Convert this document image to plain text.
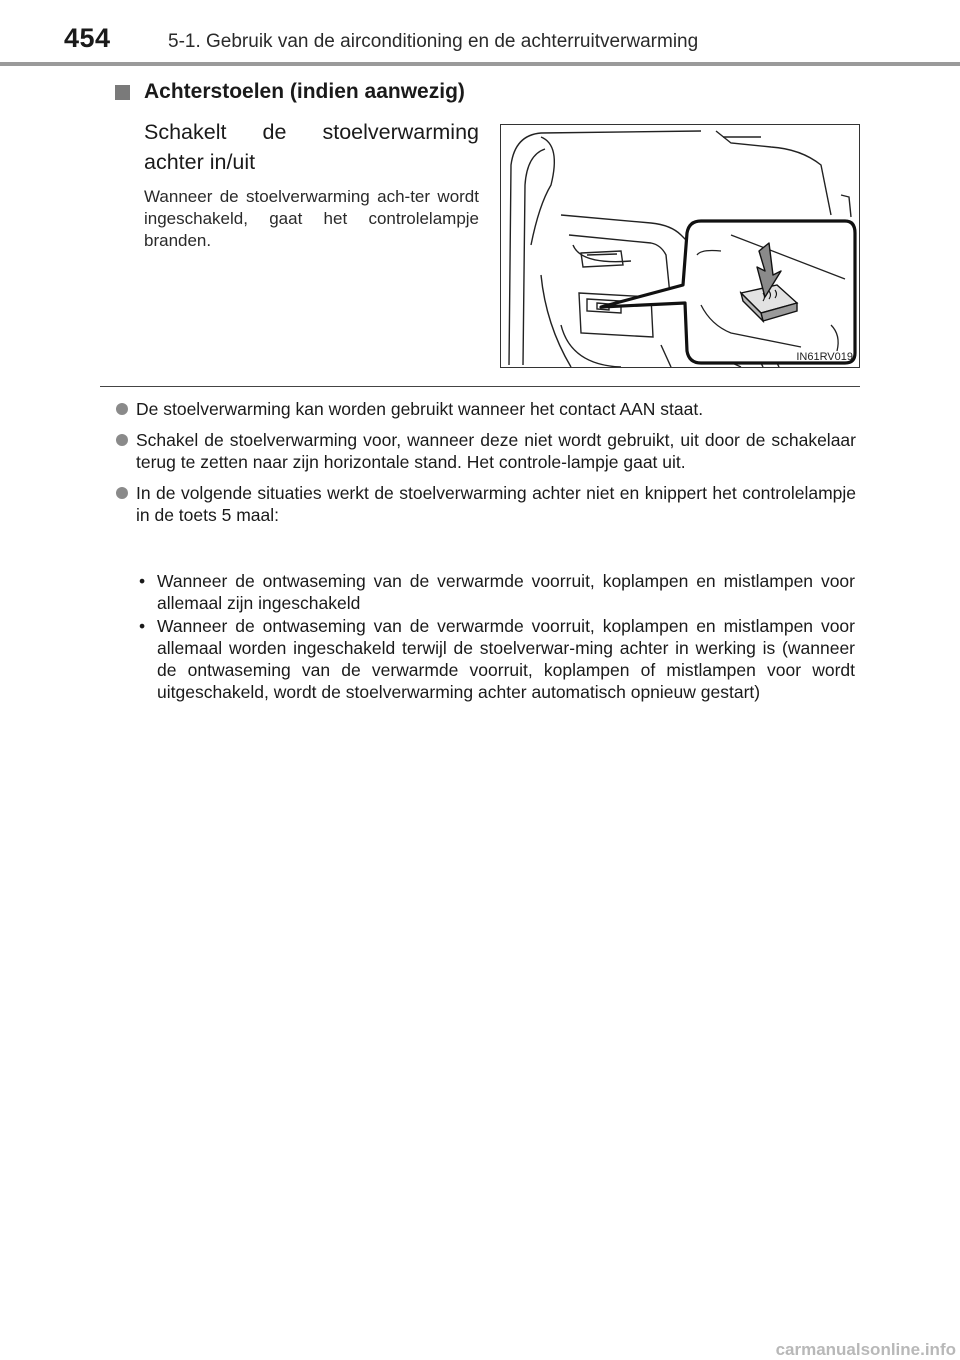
454	5-1. Gebruik van de airconditioning en de achterruitverwarming
Achterstoelen (indien aanwezig)
Schakelt de stoelverwarming achter in/uit
Wanneer de stoelverwarming ach-ter wordt ingeschakeld, gaat het controlelampje branden.
IN61RV019
De stoelverwarming kan worden gebruikt wanneer het contact AAN staat.
Schakel de stoelverwarming voor, wanneer deze niet wordt gebruikt, uit door de schakelaar terug te zetten naar zijn horizontale stand. Het controle-lampje gaat uit.
In de volgende situaties werkt de stoelverwarming achter niet en knippert het controlelampje in de toets 5 maal:
• Wanneer de ontwaseming van de verwarmde voorruit, koplampen en mistlampen voor allemaal zijn ingeschakeld
• Wanneer de ontwaseming van de verwarmde voorruit, koplampen en mistlampen voor allemaal worden ingeschakeld terwijl de stoelverwar-ming achter in werking is (wanneer de ontwaseming van de verwarmde voorruit, koplampen of mistlampen voor wordt uitgeschakeld, wordt de stoelverwarming achter automatisch opnieuw gestart)
carmanualsonline.info
